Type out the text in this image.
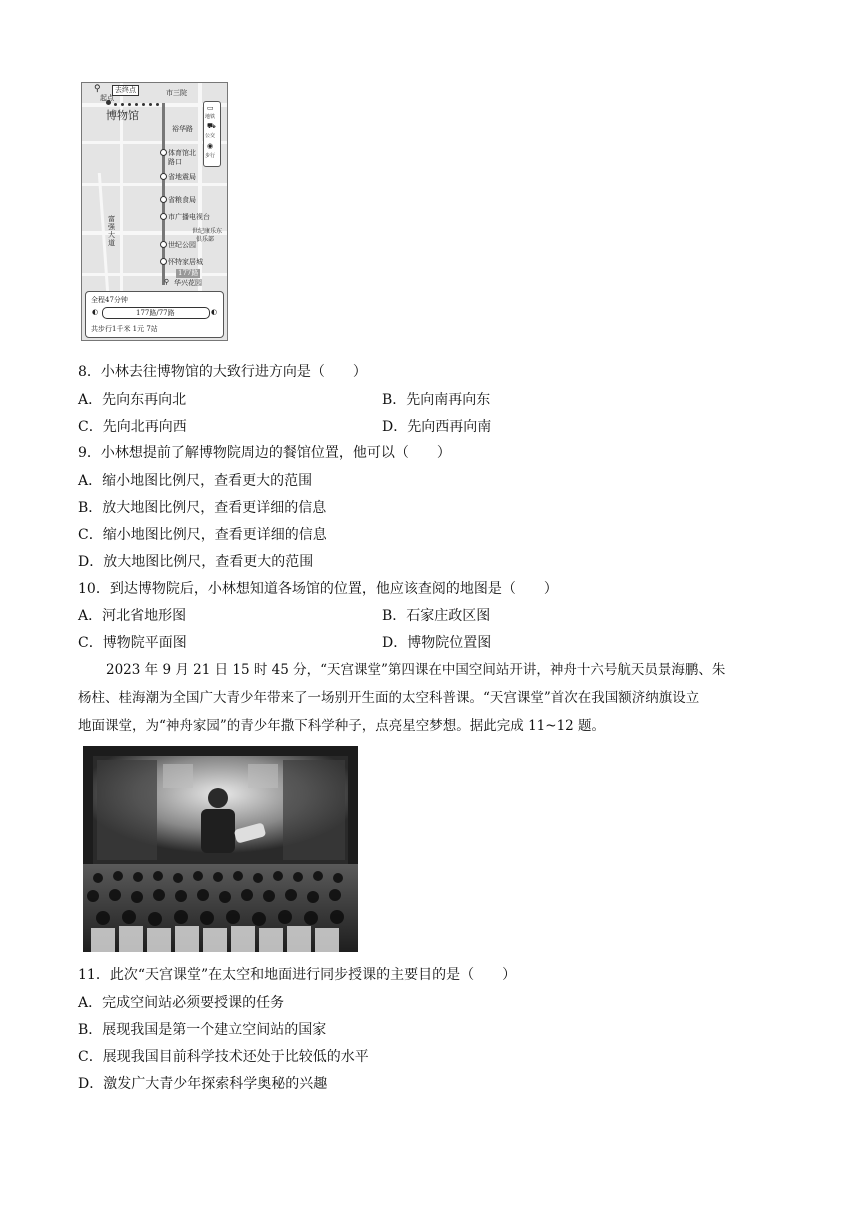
⚲	去终点
起点
市三院
博物馆
裕华路
体育馆北
路口
省地震局
省粮食局
市广播电视台
世纪康乐东
俱乐部
世纪公园
怀特家居城
177路
⚲ 华兴花园
富
强
大
道
▭
地铁
⛟
公交
◉
步行
全程47分钟
◐	177路/77路	◐
共步行1千米 1元 7站
8．小林去往博物馆的大致行进方向是（　　）
A．先向东再向北	B．先向南再向东
C．先向北再向西	D．先向西再向南
9．小林想提前了解博物院周边的餐馆位置，他可以（　　）
A．缩小地图比例尺，查看更大的范围
B．放大地图比例尺，查看更详细的信息
C．缩小地图比例尺，查看更详细的信息
D．放大地图比例尺，查看更大的范围
10．到达博物院后，小林想知道各场馆的位置，他应该查阅的地图是（　　）
A．河北省地形图	B．石家庄政区图
C．博物院平面图	D．博物院位置图
2023 年 9 月 21 日 15 时 45 分，“天宫课堂”第四课在中国空间站开讲，神舟十六号航天员景海鹏、朱
杨柱、桂海潮为全国广大青少年带来了一场别开生面的太空科普课。“天宫课堂”首次在我国额济纳旗设立
地面课堂，为“神舟家园”的青少年撒下科学种子，点亮星空梦想。据此完成 11~12 题。
11．此次“天宫课堂”在太空和地面进行同步授课的主要目的是（　　）
A．完成空间站必须要授课的任务
B．展现我国是第一个建立空间站的国家
C．展现我国目前科学技术还处于比较低的水平
D．激发广大青少年探索科学奥秘的兴趣
